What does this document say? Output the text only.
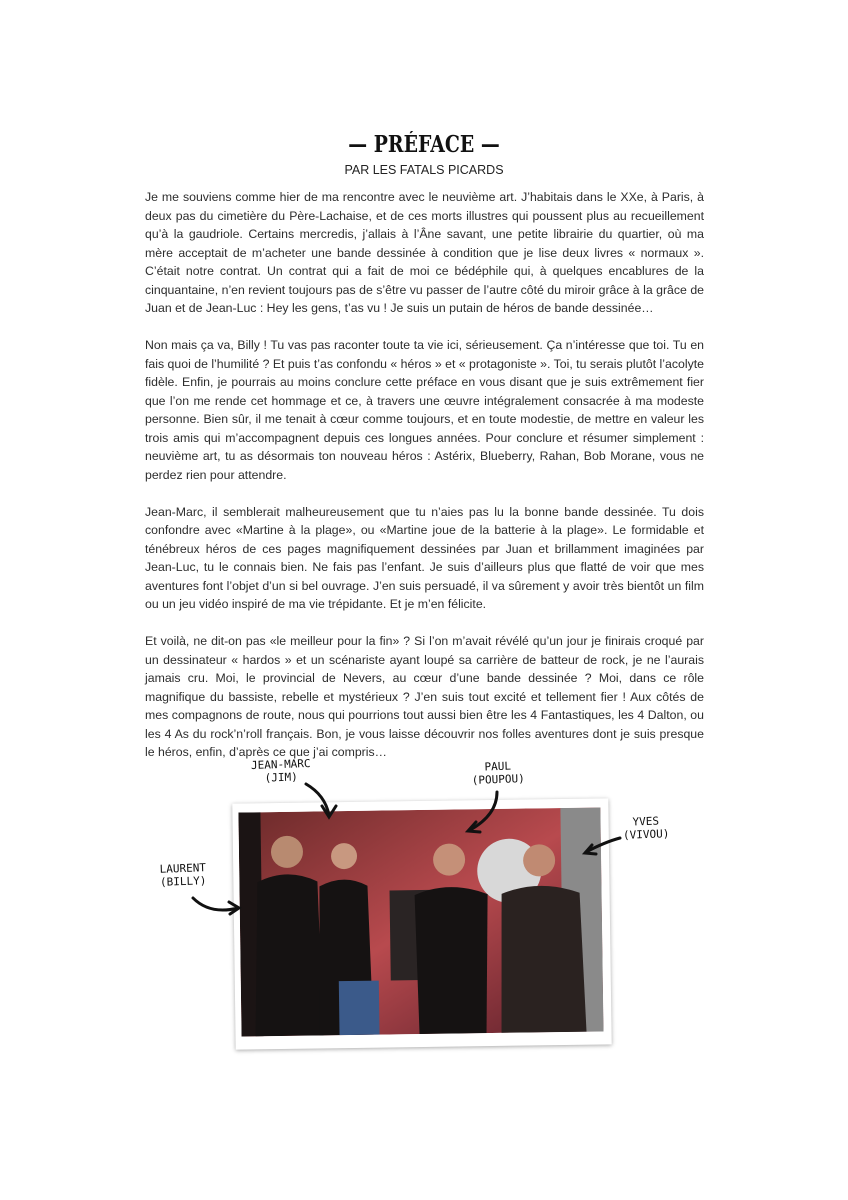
— PRÉFACE —
PAR LES FATALS PICARDS

Je me souviens comme hier de ma rencontre avec le neuvième art. J’habitais dans le XXe, à Paris, à deux pas du cimetière du Père-Lachaise, et de ces morts illustres qui poussent plus au recueillement qu’à la gaudriole. Certains mercredis, j’allais à l’Âne savant, une petite librairie du quartier, où ma mère acceptait de m’acheter une bande dessinée à condition que je lise deux livres « normaux ». C’était notre contrat. Un contrat qui a fait de moi ce bédéphile qui, à quelques encablures de la cinquantaine, n’en revient toujours pas de s’être vu passer de l’autre côté du miroir grâce à la grâce de Juan et de Jean-Luc : Hey les gens, t’as vu ! Je suis un putain de héros de bande dessinée…

Non mais ça va, Billy ! Tu vas pas raconter toute ta vie ici, sérieusement. Ça n’intéresse que toi. Tu en fais quoi de l’humilité ? Et puis t’as confondu « héros » et « protagoniste ». Toi, tu serais plutôt l’acolyte fidèle. Enfin, je pourrais au moins conclure cette préface en vous disant que je suis extrêmement fier que l’on me rende cet hommage et ce, à travers une œuvre intégralement consacrée à ma modeste personne. Bien sûr, il me tenait à cœur comme toujours, et en toute modestie, de mettre en valeur les trois amis qui m’accompagnent depuis ces longues années. Pour conclure et résumer simplement : neuvième art, tu as désormais ton nouveau héros : Astérix, Blueberry, Rahan, Bob Morane, vous ne perdez rien pour attendre.

Jean-Marc, il semblerait malheureusement que tu n’aies pas lu la bonne bande dessinée. Tu dois confondre avec «Martine à la plage», ou «Martine joue de la batterie à la plage». Le formidable et ténébreux héros de ces pages magnifiquement dessinées par Juan et brillamment imaginées par Jean-Luc, tu le connais bien. Ne fais pas l’enfant. Je suis d’ailleurs plus que flatté de voir que mes aventures font l’objet d’un si bel ouvrage. J’en suis persuadé, il va sûrement y avoir très bientôt un film ou un jeu vidéo inspiré de ma vie trépidante. Et je m’en félicite.

Et voilà, ne dit-on pas «le meilleur pour la fin» ? Si l’on m’avait révélé qu’un jour je finirais croqué par un dessinateur « hardos » et un scénariste ayant loupé sa carrière de batteur de rock, je ne l’aurais jamais cru. Moi, le provincial de Nevers, au cœur d’une bande dessinée ? Moi, dans ce rôle magnifique du bassiste, rebelle et mystérieux ? J’en suis tout excité et tellement fier ! Aux côtés de mes compagnons de route, nous qui pourrions tout aussi bien être les 4 Fantastiques, les 4 Dalton, ou les 4 As du rock’n’roll français. Bon, je vous laisse découvrir nos folles aventures dont je suis presque le héros, enfin, d’après ce que j’ai compris…

JEAN-MARC
(JIM)
PAUL
(POUPOU)
YVES
(VIVOU)
LAURENT
(BILLY)
